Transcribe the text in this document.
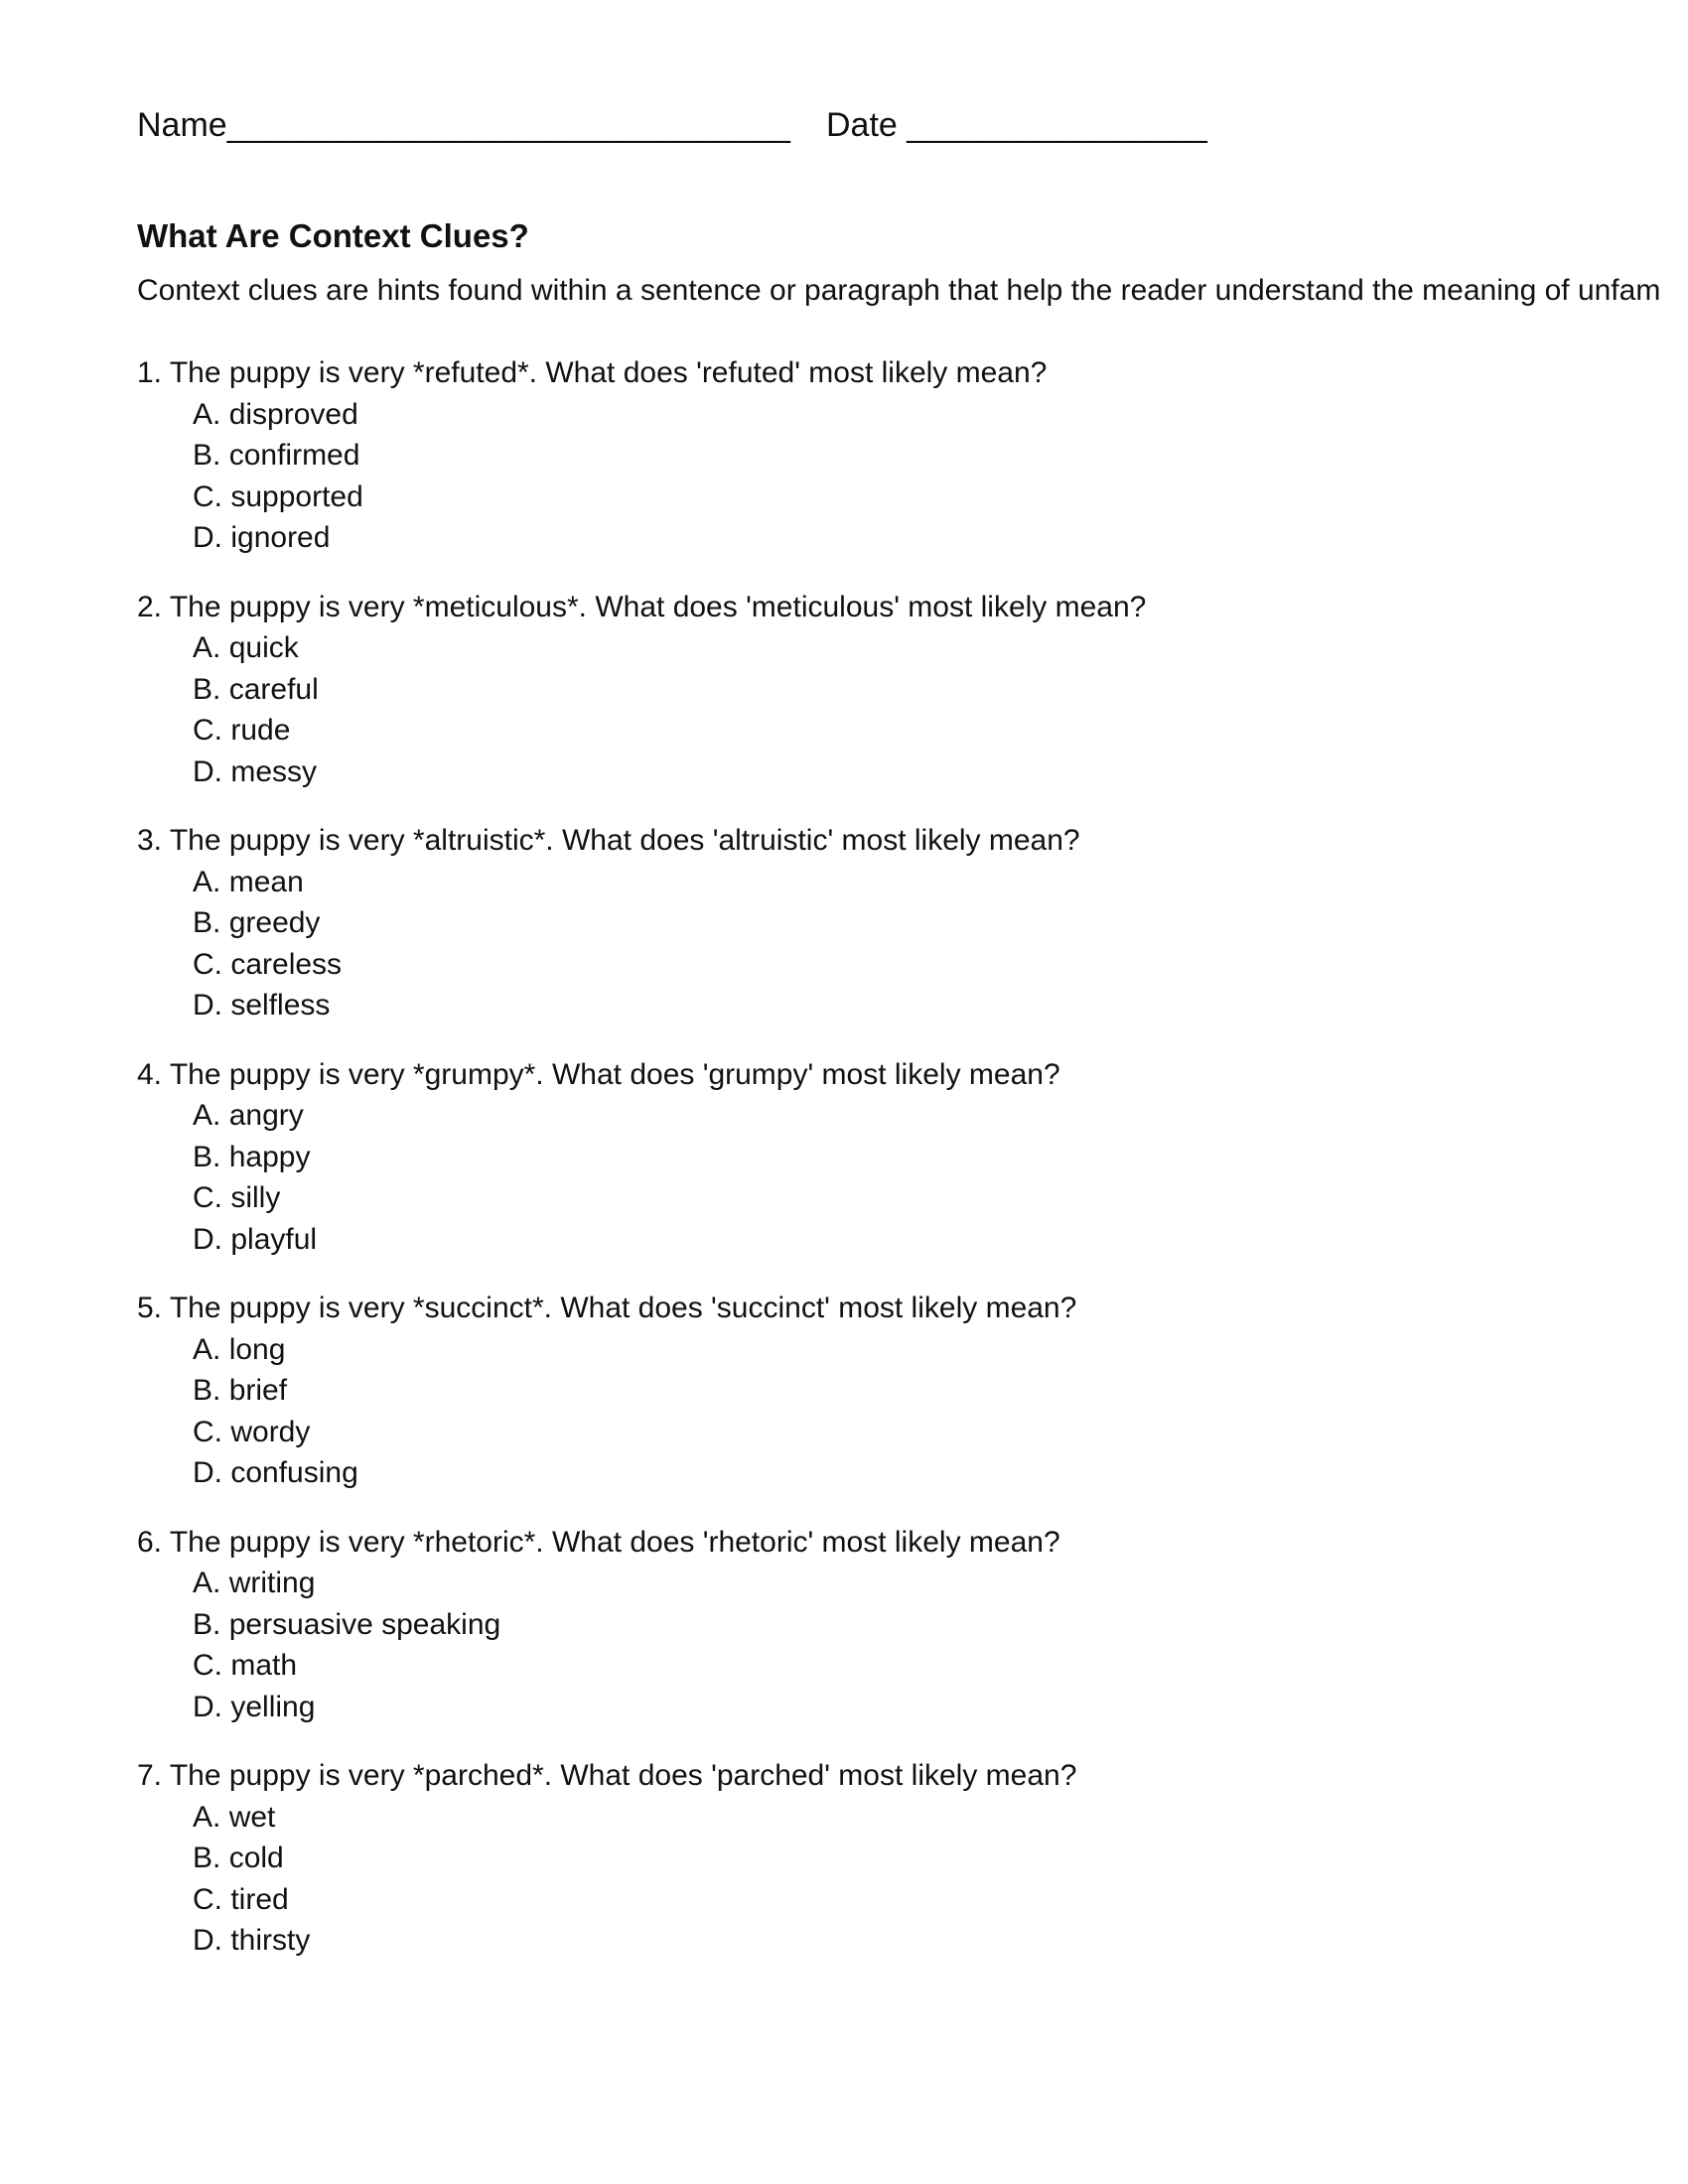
Name______________________________ Date ________________
What Are Context Clues?

Context clues are hints found within a sentence or paragraph that help the reader understand the meaning of unfam

1. The puppy is very *refuted*. What does 'refuted' most likely mean?
A. disproved
B. confirmed
C. supported
D. ignored
2. The puppy is very *meticulous*. What does 'meticulous' most likely mean?
A. quick
B. careful
C. rude
D. messy
3. The puppy is very *altruistic*. What does 'altruistic' most likely mean?
A. mean
B. greedy
C. careless
D. selfless
4. The puppy is very *grumpy*. What does 'grumpy' most likely mean?
A. angry
B. happy
C. silly
D. playful
5. The puppy is very *succinct*. What does 'succinct' most likely mean?
A. long
B. brief
C. wordy
D. confusing
6. The puppy is very *rhetoric*. What does 'rhetoric' most likely mean?
A. writing
B. persuasive speaking
C. math
D. yelling
7. The puppy is very *parched*. What does 'parched' most likely mean?
A. wet
B. cold
C. tired
D. thirsty
